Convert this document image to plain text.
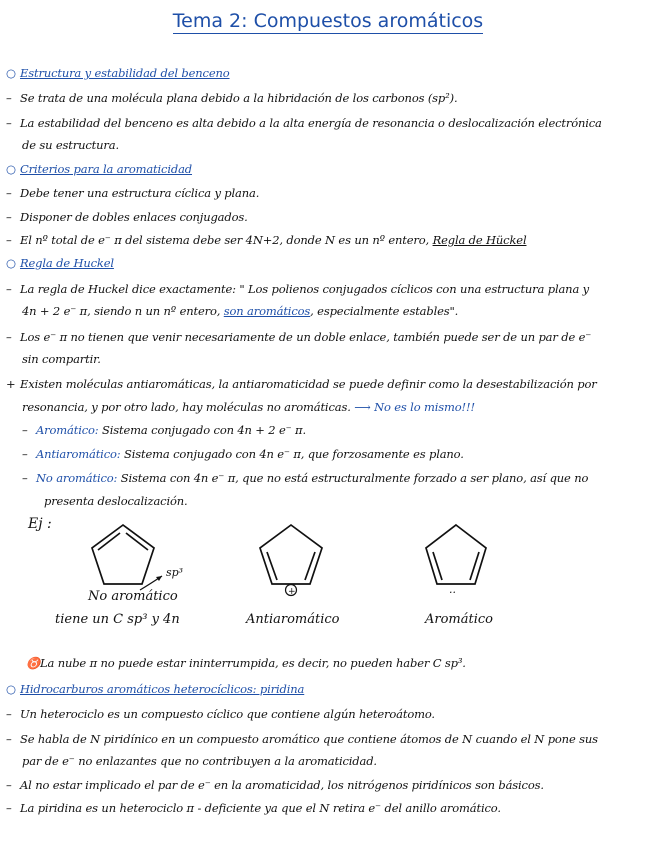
Tema 2: Compuestos aromáticos
○ Estructura y estabilidad del benceno
– Se trata de una molécula plana debido a la hibridación de los carbonos (sp²).
– La estabilidad del benceno es alta debido a la alta energía de resonancia o deslocalización electrónica
de su estructura.
○ Criterios para la aromaticidad
– Debe tener una estructura cíclica y plana.
– Disponer de dobles enlaces conjugados.
– El nº total de e⁻ π del sistema debe ser 4N+2, donde N es un nº entero, Regla de Hückel
○ Regla de Huckel
– La regla de Huckel dice exactamente: " Los polienos conjugados cíclicos con una estructura plana y
4n + 2 e⁻ π, siendo n un nº entero, son aromáticos, especialmente estables".
– Los e⁻ π no tienen que venir necesariamente de un doble enlace, también puede ser de un par de e⁻
sin compartir.
+ Existen moléculas antiaromáticas, la antiaromaticidad se puede definir como la desestabilización por
resonancia, y por otro lado, hay moléculas no aromáticas. ⟶ No es lo mismo!!!
– Aromático: Sistema conjugado con 4n + 2 e⁻ π.
– Antiaromático: Sistema conjugado con 4n e⁻ π, que forzosamente es plano.
– No aromático: Sistema con 4n e⁻ π, que no está estructuralmente forzado a ser plano, así que no
presenta deslocalización.
Ej :
sp³
+	··
No aromático
tiene un C sp³ y 4n	Antiaromático	Aromático
♉La nube π no puede estar ininterrumpida, es decir, no pueden haber C sp³.
○ Hidrocarburos aromáticos heterocíclicos: piridina
– Un heterociclo es un compuesto cíclico que contiene algún heteroátomo.
– Se habla de N piridínico en un compuesto aromático que contiene átomos de N cuando el N pone sus
par de e⁻ no enlazantes que no contribuyen a la aromaticidad.
– Al no estar implicado el par de e⁻ en la aromaticidad, los nitrógenos piridínicos son básicos.
– La piridina es un heterociclo π - deficiente ya que el N retira e⁻ del anillo aromático.
